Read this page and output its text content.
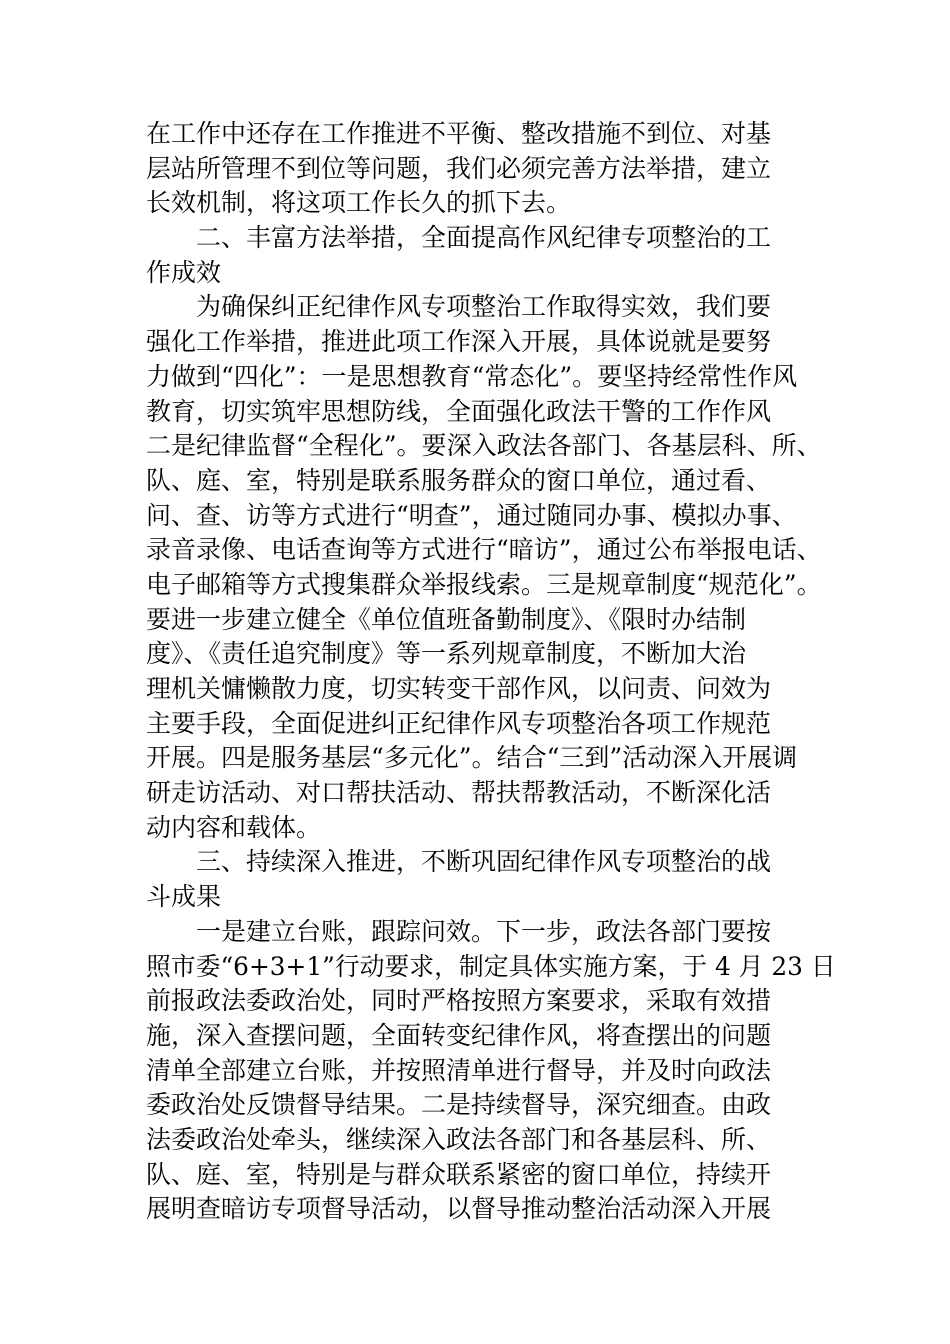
在工作中还存在工作推进不平衡、整改措施不到位、对基
层站所管理不到位等问题，我们必须完善方法举措，建立
长效机制，将这项工作长久的抓下去。
二、丰富方法举措，全面提高作风纪律专项整治的工
作成效
为确保纠正纪律作风专项整治工作取得实效，我们要
强化工作举措，推进此项工作深入开展，具体说就是要努
力做到“四化”：一是思想教育“常态化”。要坚持经常性作风
教育，切实筑牢思想防线，全面强化政法干警的工作作风
二是纪律监督“全程化”。要深入政法各部门、各基层科、所、
队、庭、室，特别是联系服务群众的窗口单位，通过看、
问、查、访等方式进行“明查”，通过随同办事、模拟办事、
录音录像、电话查询等方式进行“暗访”，通过公布举报电话、
电子邮箱等方式搜集群众举报线索。三是规章制度“规范化”。
要进一步建立健全《单位值班备勤制度》、《限时办结制
度》、《责任追究制度》等一系列规章制度，不断加大治
理机关慵懒散力度，切实转变干部作风，以问责、问效为
主要手段，全面促进纠正纪律作风专项整治各项工作规范
开展。四是服务基层“多元化”。结合“三到”活动深入开展调
研走访活动、对口帮扶活动、帮扶帮教活动，不断深化活
动内容和载体。
三、持续深入推进，不断巩固纪律作风专项整治的战
斗成果
一是建立台账，跟踪问效。下一步，政法各部门要按
照市委“6+3+1”行动要求，制定具体实施方案，于 4 月 23 日
前报政法委政治处，同时严格按照方案要求，采取有效措
施，深入查摆问题，全面转变纪律作风，将查摆出的问题
清单全部建立台账，并按照清单进行督导，并及时向政法
委政治处反馈督导结果。二是持续督导，深究细查。由政
法委政治处牵头，继续深入政法各部门和各基层科、所、
队、庭、室，特别是与群众联系紧密的窗口单位，持续开
展明查暗访专项督导活动，以督导推动整治活动深入开展
